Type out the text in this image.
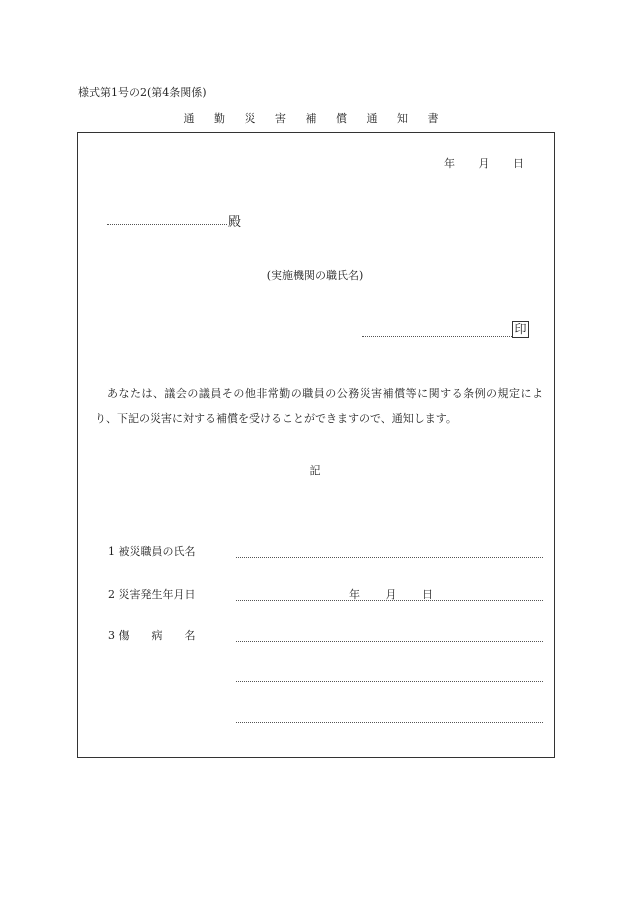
様式第1号の2(第4条関係)
通 勤 災 害 補 償 通 知 書
年 月 日
殿
(実施機関の職氏名)
印
あなたは、議会の議員その他非常勤の職員の公務災害補償等に関する条例の規定により、下記の災害に対する補償を受けることができますので、通知します。
記
1 被災職員の氏名
2 災害発生年月日	年 月 日
3 傷　　病　　名
